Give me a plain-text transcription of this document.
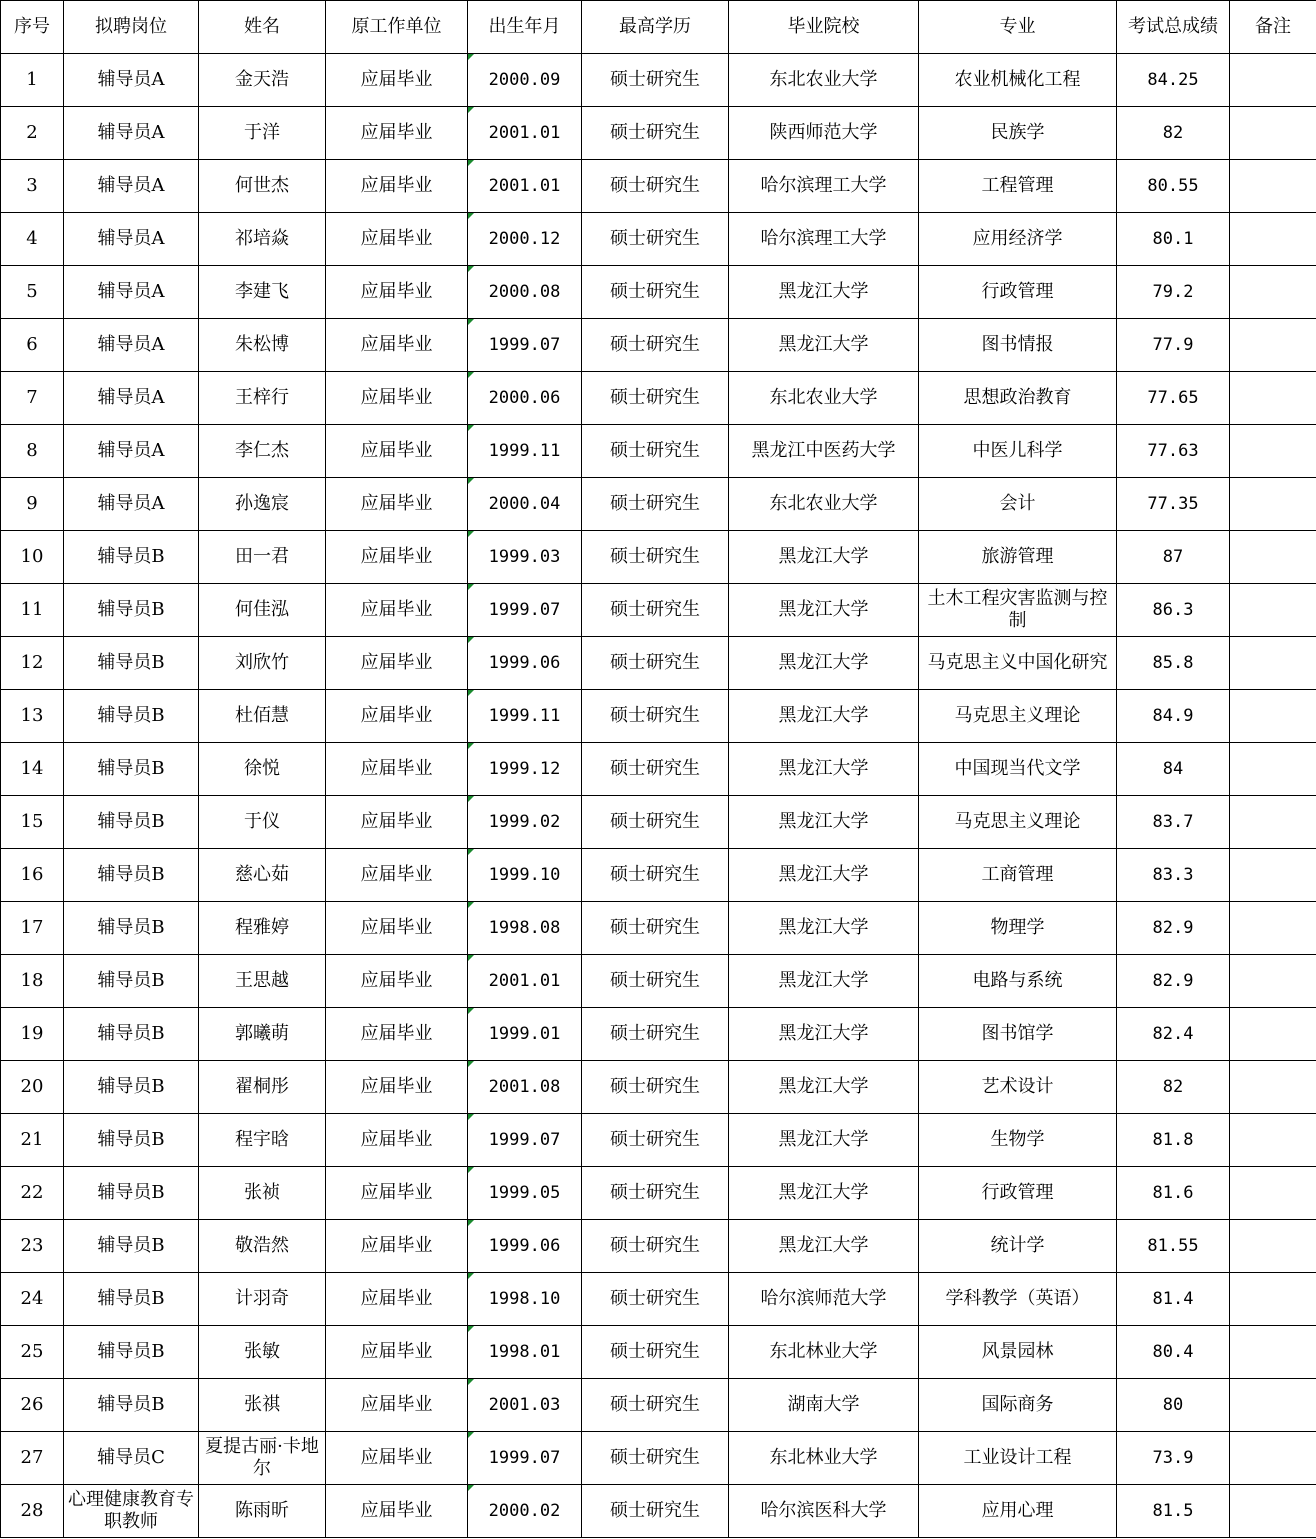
序号	拟聘岗位	姓名	原工作单位	出生年月	最高学历	毕业院校	专业	考试总成绩	备注
1	辅导员A	金天浩	应届毕业	2000.09	硕士研究生	东北农业大学	农业机械化工程	84.25	
2	辅导员A	于洋	应届毕业	2001.01	硕士研究生	陕西师范大学	民族学	82	
3	辅导员A	何世杰	应届毕业	2001.01	硕士研究生	哈尔滨理工大学	工程管理	80.55	
4	辅导员A	祁培焱	应届毕业	2000.12	硕士研究生	哈尔滨理工大学	应用经济学	80.1	
5	辅导员A	李建飞	应届毕业	2000.08	硕士研究生	黑龙江大学	行政管理	79.2	
6	辅导员A	朱松博	应届毕业	1999.07	硕士研究生	黑龙江大学	图书情报	77.9	
7	辅导员A	王梓行	应届毕业	2000.06	硕士研究生	东北农业大学	思想政治教育	77.65	
8	辅导员A	李仁杰	应届毕业	1999.11	硕士研究生	黑龙江中医药大学	中医儿科学	77.63	
9	辅导员A	孙逸宸	应届毕业	2000.04	硕士研究生	东北农业大学	会计	77.35	
10	辅导员B	田一君	应届毕业	1999.03	硕士研究生	黑龙江大学	旅游管理	87	
11	辅导员B	何佳泓	应届毕业	1999.07	硕士研究生	黑龙江大学	土木工程灾害监测与控制	86.3	
12	辅导员B	刘欣竹	应届毕业	1999.06	硕士研究生	黑龙江大学	马克思主义中国化研究	85.8	
13	辅导员B	杜佰慧	应届毕业	1999.11	硕士研究生	黑龙江大学	马克思主义理论	84.9	
14	辅导员B	徐悦	应届毕业	1999.12	硕士研究生	黑龙江大学	中国现当代文学	84	
15	辅导员B	于仪	应届毕业	1999.02	硕士研究生	黑龙江大学	马克思主义理论	83.7	
16	辅导员B	慈心茹	应届毕业	1999.10	硕士研究生	黑龙江大学	工商管理	83.3	
17	辅导员B	程雅婷	应届毕业	1998.08	硕士研究生	黑龙江大学	物理学	82.9	
18	辅导员B	王思越	应届毕业	2001.01	硕士研究生	黑龙江大学	电路与系统	82.9	
19	辅导员B	郭曦萌	应届毕业	1999.01	硕士研究生	黑龙江大学	图书馆学	82.4	
20	辅导员B	翟桐彤	应届毕业	2001.08	硕士研究生	黑龙江大学	艺术设计	82	
21	辅导员B	程宇晗	应届毕业	1999.07	硕士研究生	黑龙江大学	生物学	81.8	
22	辅导员B	张祯	应届毕业	1999.05	硕士研究生	黑龙江大学	行政管理	81.6	
23	辅导员B	敬浩然	应届毕业	1999.06	硕士研究生	黑龙江大学	统计学	81.55	
24	辅导员B	计羽奇	应届毕业	1998.10	硕士研究生	哈尔滨师范大学	学科教学（英语）	81.4	
25	辅导员B	张敏	应届毕业	1998.01	硕士研究生	东北林业大学	风景园林	80.4	
26	辅导员B	张祺	应届毕业	2001.03	硕士研究生	湖南大学	国际商务	80	
27	辅导员C	夏提古丽·卡地尔	应届毕业	1999.07	硕士研究生	东北林业大学	工业设计工程	73.9	
28	心理健康教育专职教师	陈雨昕	应届毕业	2000.02	硕士研究生	哈尔滨医科大学	应用心理	81.5	
